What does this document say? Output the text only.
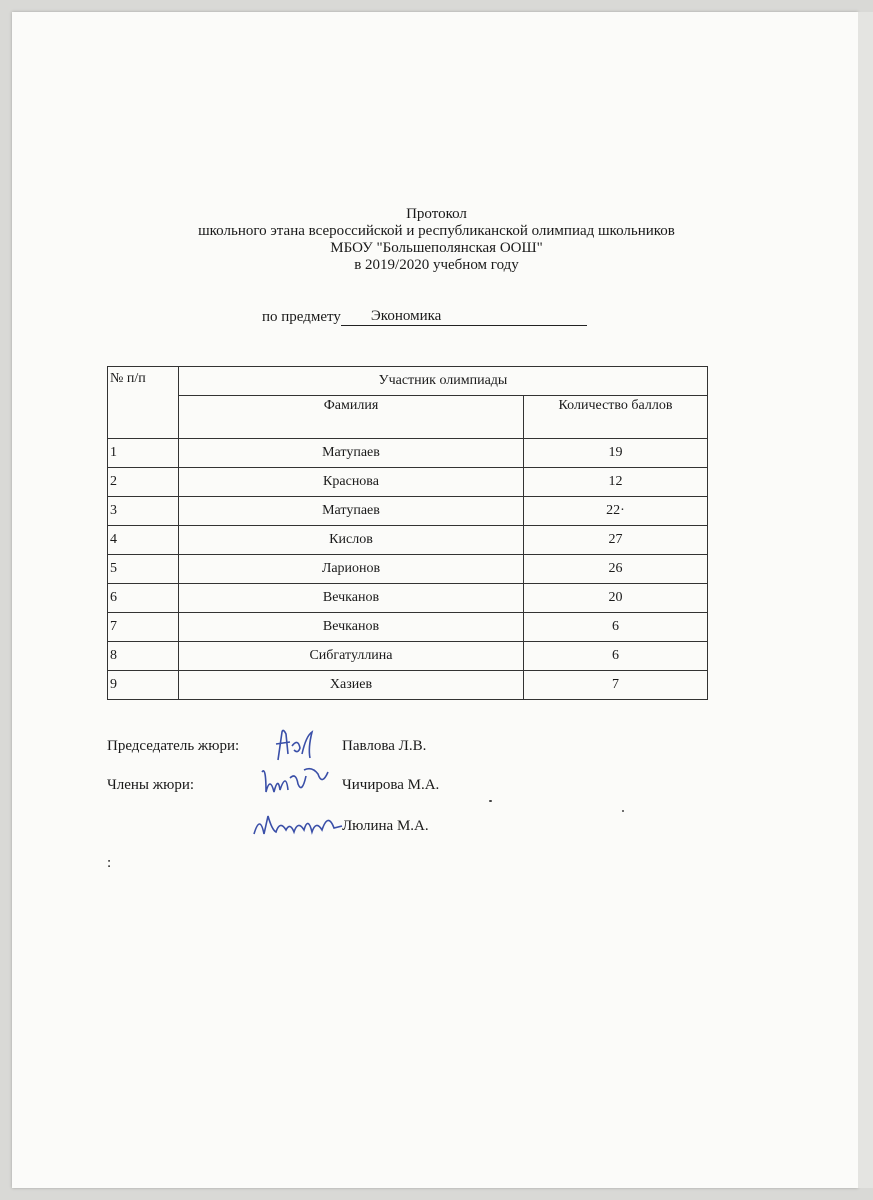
Протокол
школьного этана всероссийской и республиканской олимпиад школьников
МБОУ "Большеполянская ООШ"
в 2019/2020 учебном году
по предмету Экономика
№ п/п	Участник олимпиады	
	Фамилия	Количество баллов
1	Матупаев	19
2	Краснова	12
3	Матупаев	22·
4	Кислов	27
5	Ларионов	26
6	Вечканов	20
7	Вечканов	6
8	Сибгатуллина	6
9	Хазиев	7
Председатель жюри:	Павлова Л.В.
Члены жюри:	Чичирова М.А.
Люлина М.А.
:
